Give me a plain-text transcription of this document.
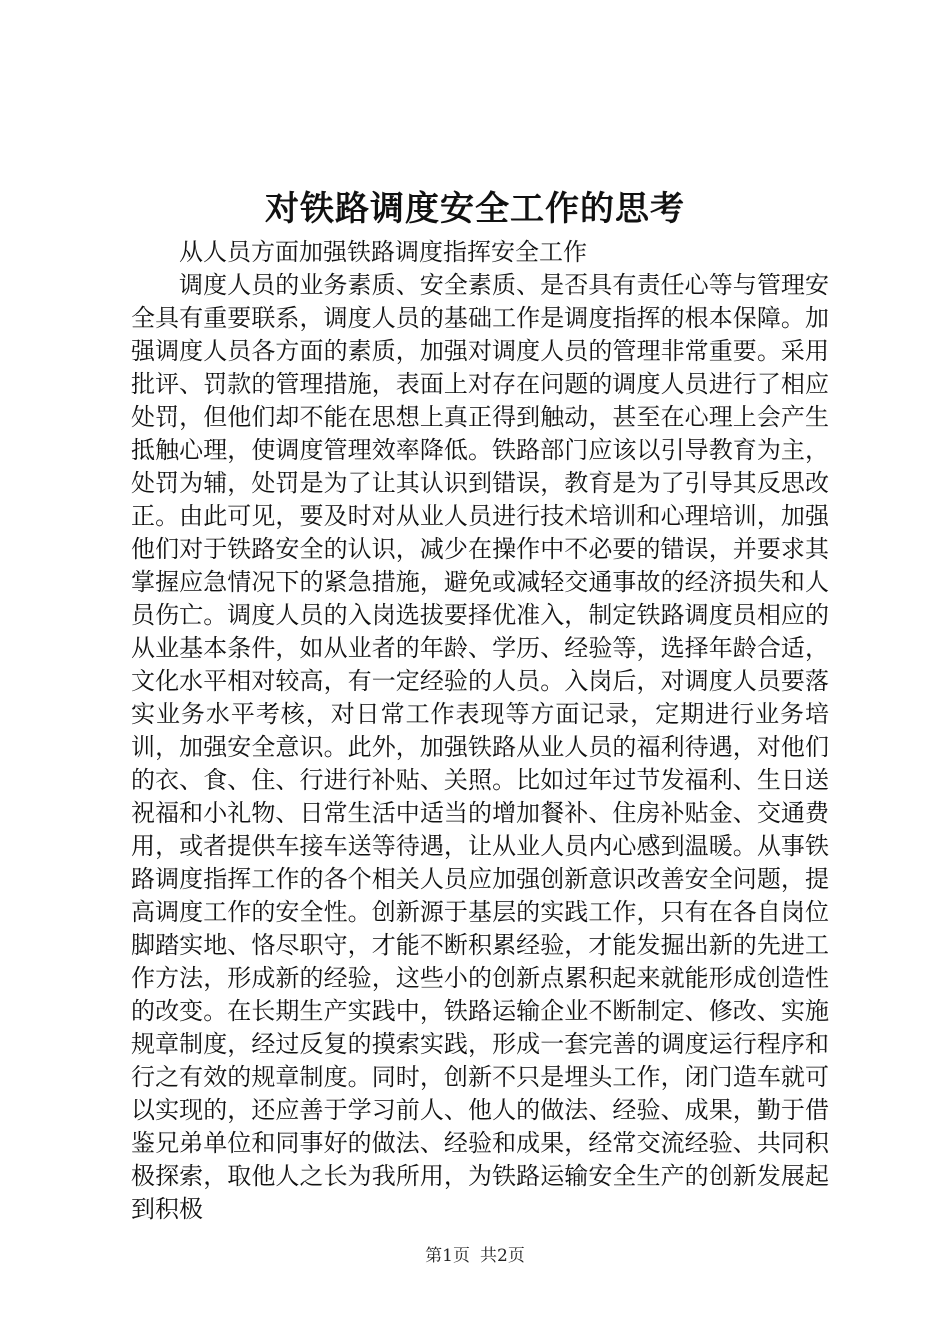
对铁路调度安全工作的思考

从人员方面加强铁路调度指挥安全工作

调度人员的业务素质、安全素质、是否具有责任心等与管理安全具有重要联系，调度人员的基础工作是调度指挥的根本保障。加强调度人员各方面的素质，加强对调度人员的管理非常重要。采用批评、罚款的管理措施，表面上对存在问题的调度人员进行了相应处罚，但他们却不能在思想上真正得到触动，甚至在心理上会产生抵触心理，使调度管理效率降低。铁路部门应该以引导教育为主，处罚为辅，处罚是为了让其认识到错误，教育是为了引导其反思改正。由此可见，要及时对从业人员进行技术培训和心理培训，加强他们对于铁路安全的认识，减少在操作中不必要的错误，并要求其掌握应急情况下的紧急措施，避免或减轻交通事故的经济损失和人员伤亡。调度人员的入岗选拔要择优准入，制定铁路调度员相应的从业基本条件，如从业者的年龄、学历、经验等，选择年龄合适，文化水平相对较高，有一定经验的人员。入岗后，对调度人员要落实业务水平考核，对日常工作表现等方面记录，定期进行业务培训，加强安全意识。此外，加强铁路从业人员的福利待遇，对他们的衣、食、住、行进行补贴、关照。比如过年过节发福利、生日送祝福和小礼物、日常生活中适当的增加餐补、住房补贴金、交通费用，或者提供车接车送等待遇，让从业人员内心感到温暖。从事铁路调度指挥工作的各个相关人员应加强创新意识改善安全问题，提高调度工作的安全性。创新源于基层的实践工作，只有在各自岗位脚踏实地、恪尽职守，才能不断积累经验，才能发掘出新的先进工作方法，形成新的经验，这些小的创新点累积起来就能形成创造性的改变。在长期生产实践中，铁路运输企业不断制定、修改、实施规章制度，经过反复的摸索实践，形成一套完善的调度运行程序和行之有效的规章制度。同时，创新不只是埋头工作，闭门造车就可以实现的，还应善于学习前人、他人的做法、经验、成果，勤于借鉴兄弟单位和同事好的做法、经验和成果，经常交流经验、共同积极探索，取他人之长为我所用，为铁路运输安全生产的创新发展起到积极

第1页 共2页
